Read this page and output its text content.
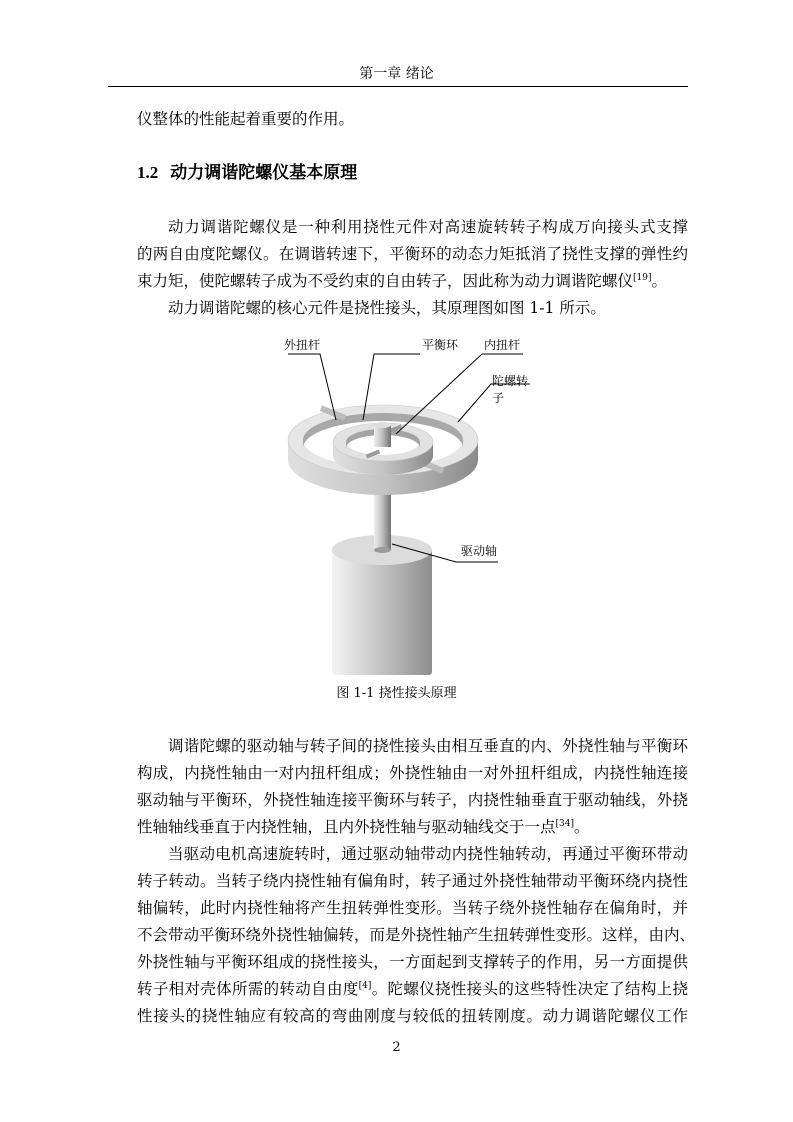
第一章 绪论

仪整体的性能起着重要的作用。

1.2 动力调谐陀螺仪基本原理

动力调谐陀螺仪是一种利用挠性元件对高速旋转转子构成万向接头式支撑
的两自由度陀螺仪。在调谐转速下，平衡环的动态力矩抵消了挠性支撑的弹性约
束力矩，使陀螺转子成为不受约束的自由转子，因此称为动力调谐陀螺仪[19]。
动力调谐陀螺的核心元件是挠性接头，其原理图如图 1-1 所示。

外扭杆	平衡环 内扭杆
陀螺转子
驱动轴
图 1-1 挠性接头原理

调谐陀螺的驱动轴与转子间的挠性接头由相互垂直的内、外挠性轴与平衡环
构成，内挠性轴由一对内扭杆组成；外挠性轴由一对外扭杆组成，内挠性轴连接
驱动轴与平衡环，外挠性轴连接平衡环与转子，内挠性轴垂直于驱动轴线，外挠
性轴轴线垂直于内挠性轴，且内外挠性轴与驱动轴线交于一点[34]。

当驱动电机高速旋转时，通过驱动轴带动内挠性轴转动，再通过平衡环带动
转子转动。当转子绕内挠性轴有偏角时，转子通过外挠性轴带动平衡环绕内挠性
轴偏转，此时内挠性轴将产生扭转弹性变形。当转子绕外挠性轴存在偏角时，并
不会带动平衡环绕外挠性轴偏转，而是外挠性轴产生扭转弹性变形。这样，由内、
外挠性轴与平衡环组成的挠性接头，一方面起到支撑转子的作用，另一方面提供
转子相对壳体所需的转动自由度[4]。陀螺仪挠性接头的这些特性决定了结构上挠
性接头的挠性轴应有较高的弯曲刚度与较低的扭转刚度。动力调谐陀螺仪工作

2
